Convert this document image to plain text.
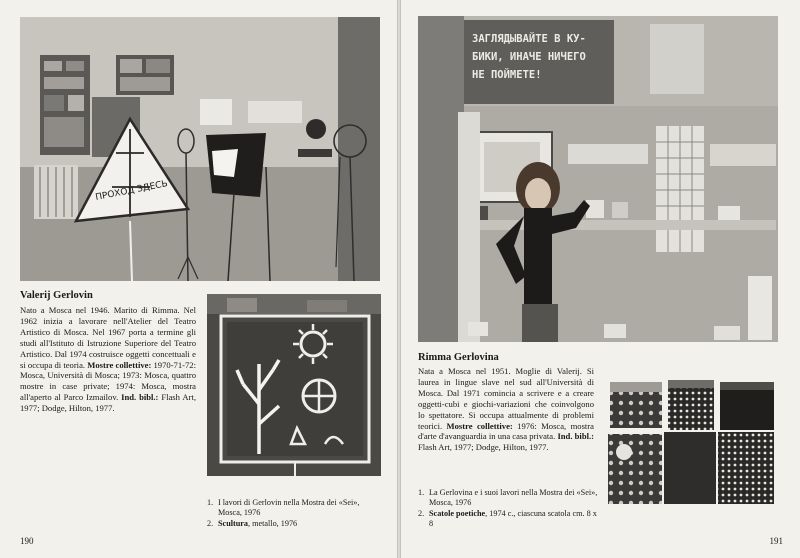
ПРОХОД ЗДЕСЬ
Valerij Gerlovin
Nato a Mosca nel 1946. Marito di Rimma. Nel 1962 inizia a lavorare nell'Atelier del Teatro Artistico di Mosca. Nel 1967 porta a termine gli studi all'Istituto di Istruzione Superiore del Teatro Artistico. Dal 1974 costruisce oggetti concettuali e si occupa di teoria. Mostre collettive: 1970-71-72: Mosca, Università di Mosca; 1973: Mosca, quattro mostre in case private; 1974: Mosca, mostra all'aperto al Parco Izmailov. Ind. bibl.: Flash Art, 1977; Dodge, Hilton, 1977.
1. I lavori di Gerlovin nella Mostra dei «Sei», Mosca, 1976
2. Scultura, metallo, 1976
190
ЗАГЛЯДЫВАЙТЕ В КУ-
БИКИ, ИНАЧЕ НИЧЕГО
НЕ ПОЙМЕТЕ!
Rimma Gerlovina
Nata a Mosca nel 1951. Moglie di Valerij. Si laurea in lingue slave nel sud all'Università di Mosca. Dal 1971 comincia a scrivere e a creare oggetti-cubi e giochi-variazioni che coinvolgono lo spettatore. Si occupa attualmente di problemi teorici. Mostre collettive: 1976: Mosca, mostra d'arte d'avanguardia in una casa privata. Ind. bibl.: Flash Art, 1977; Dodge, Hilton, 1977.
1. La Gerlovina e i suoi lavori nella Mostra dei «Sei», Mosca, 1976
2. Scatole poetiche, 1974 c., ciascuna scatola cm. 8 x 8
191
